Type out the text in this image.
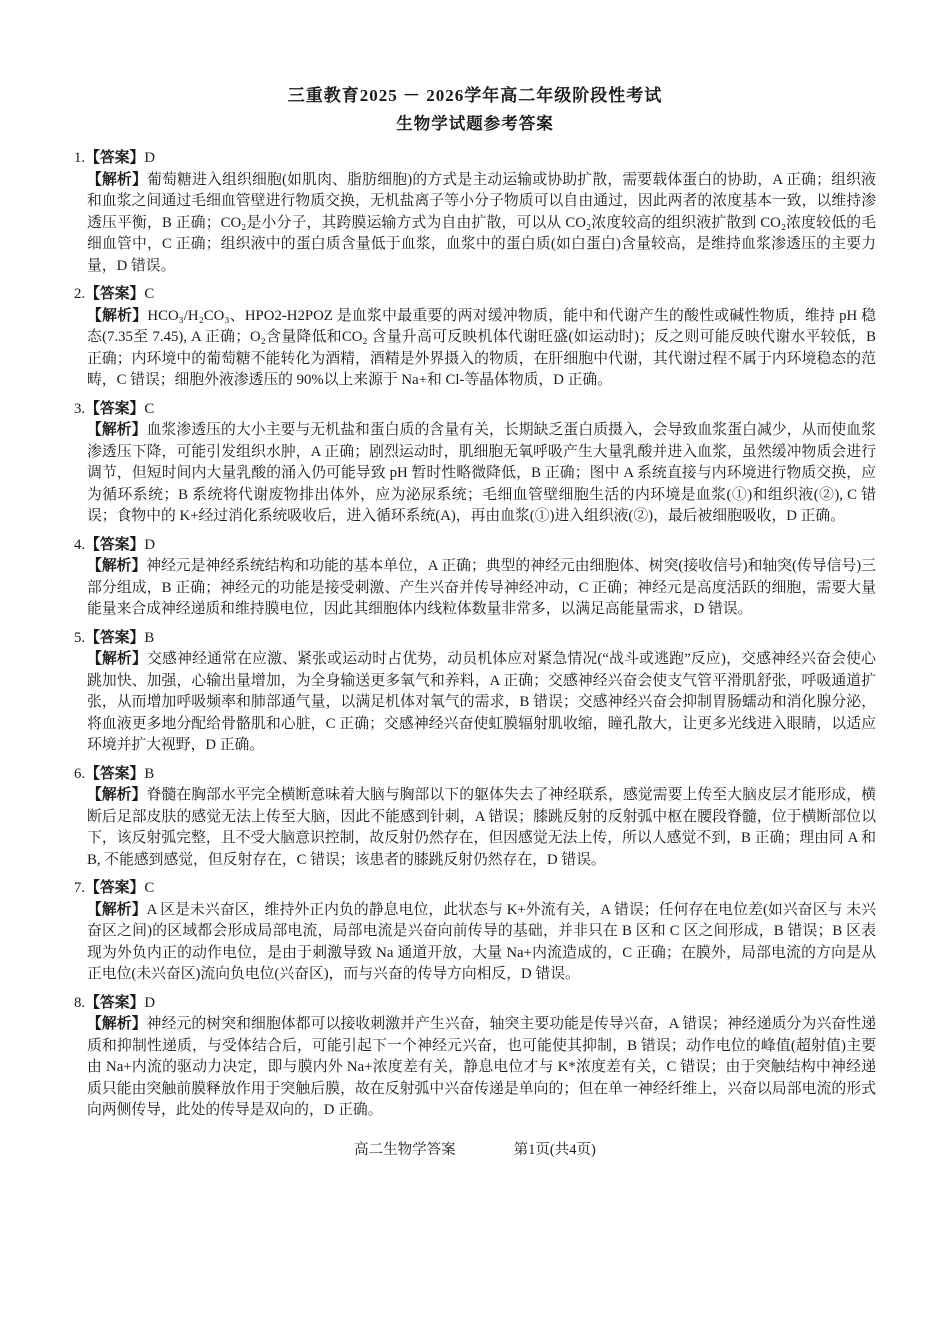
三重教育2025 － 2026学年高二年级阶段性考试
生物学试题参考答案
1.【答案】D

【解析】葡萄糖进入组织细胞(如肌肉、脂肪细胞)的方式是主动运输或协助扩散，需要载体蛋白的协助，A 正确；组织液和血浆之间通过毛细血管壁进行物质交换，无机盐离子等小分子物质可以自由通过，因此两者的浓度基本一致，以维持渗透压平衡，B 正确；CO₂是小分子，其跨膜运输方式为自由扩散，可以从 CO₂浓度较高的组织液扩散到 CO₂浓度较低的毛细血管中，C 正确；组织液中的蛋白质含量低于血浆，血浆中的蛋白质(如白蛋白)含量较高，是维持血浆渗透压的主要力量，D 错误。

2.【答案】C

【解析】HCO₃/H₂CO₃、HPO2-H2POZ 是血浆中最重要的两对缓冲物质，能中和代谢产生的酸性或碱性物质，维持 pH 稳态(7.35至 7.45), A 正确；O₂含量降低和CO₂ 含量升高可反映机体代谢旺盛(如运动时)；反之则可能反映代谢水平较低，B 正确；内环境中的葡萄糖不能转化为酒精，酒精是外界摄入的物质，在肝细胞中代谢，其代谢过程不属于内环境稳态的范畴，C 错误；细胞外液渗透压的 90%以上来源于 Na+和 Cl-等晶体物质，D 正确。

3.【答案】C

【解析】血浆渗透压的大小主要与无机盐和蛋白质的含量有关，长期缺乏蛋白质摄入，会导致血浆蛋白减少，从而使血浆渗透压下降，可能引发组织水肿，A 正确；剧烈运动时，肌细胞无氧呼吸产生大量乳酸并进入血浆，虽然缓冲物质会进行调节，但短时间内大量乳酸的涌入仍可能导致 pH 暂时性略微降低，B 正确；图中 A 系统直接与内环境进行物质交换，应为循环系统；B 系统将代谢废物排出体外，应为泌尿系统；毛细血管壁细胞生活的内环境是血浆(①)和组织液(②), C 错误；食物中的 K+经过消化系统吸收后，进入循环系统(A)，再由血浆(①)进入组织液(②)，最后被细胞吸收，D 正确。

4.【答案】D

【解析】神经元是神经系统结构和功能的基本单位，A 正确；典型的神经元由细胞体、树突(接收信号)和轴突(传导信号)三部分组成，B 正确；神经元的功能是接受刺激、产生兴奋并传导神经冲动，C 正确；神经元是高度活跃的细胞，需要大量能量来合成神经递质和维持膜电位，因此其细胞体内线粒体数量非常多，以满足高能量需求，D 错误。

5.【答案】B

【解析】交感神经通常在应激、紧张或运动时占优势，动员机体应对紧急情况(“战斗或逃跑”反应)，交感神经兴奋会使心跳加快、加强，心输出量增加，为全身输送更多氧气和养料，A 正确；交感神经兴奋会使支气管平滑肌舒张，呼吸通道扩张，从而增加呼吸频率和肺部通气量，以满足机体对氧气的需求，B 错误；交感神经兴奋会抑制胃肠蠕动和消化腺分泌，将血液更多地分配给骨骼肌和心脏，C 正确；交感神经兴奋使虹膜辐射肌收缩，瞳孔散大，让更多光线进入眼睛，以适应环境并扩大视野，D 正确。

6.【答案】B

【解析】脊髓在胸部水平完全横断意味着大脑与胸部以下的躯体失去了神经联系，感觉需要上传至大脑皮层才能形成，横断后足部皮肤的感觉无法上传至大脑，因此不能感到针刺，A 错误；膝跳反射的反射弧中枢在腰段脊髓，位于横断部位以下，该反射弧完整，且不受大脑意识控制，故反射仍然存在，但因感觉无法上传，所以人感觉不到，B 正确；理由同 A 和 B, 不能感到感觉，但反射存在，C 错误；该患者的膝跳反射仍然存在，D 错误。

7.【答案】C

【解析】A 区是未兴奋区，维持外正内负的静息电位，此状态与 K+外流有关，A 错误；任何存在电位差(如兴奋区与 未兴奋区之间)的区域都会形成局部电流，局部电流是兴奋向前传导的基础，并非只在 B 区和 C 区之间形成，B 错误；B 区表现为外负内正的动作电位，是由于刺激导致 Na 通道开放，大量 Na+内流造成的，C 正确；在膜外，局部电流的方向是从正电位(未兴奋区)流向负电位(兴奋区)，而与兴奋的传导方向相反，D 错误。

8.【答案】D

【解析】神经元的树突和细胞体都可以接收刺激并产生兴奋，轴突主要功能是传导兴奋，A 错误；神经递质分为兴奋性递质和抑制性递质，与受体结合后，可能引起下一个神经元兴奋，也可能使其抑制，B 错误；动作电位的峰值(超射值)主要由 Na+内流的驱动力决定，即与膜内外 Na+浓度差有关，静息电位才与 K*浓度差有关，C 错误；由于突触结构中神经递质只能由突触前膜释放作用于突触后膜，故在反射弧中兴奋传递是单向的；但在单一神经纤维上，兴奋以局部电流的形式向两侧传导，此处的传导是双向的，D 正确。

高二生物学答案	第1页(共4页)
